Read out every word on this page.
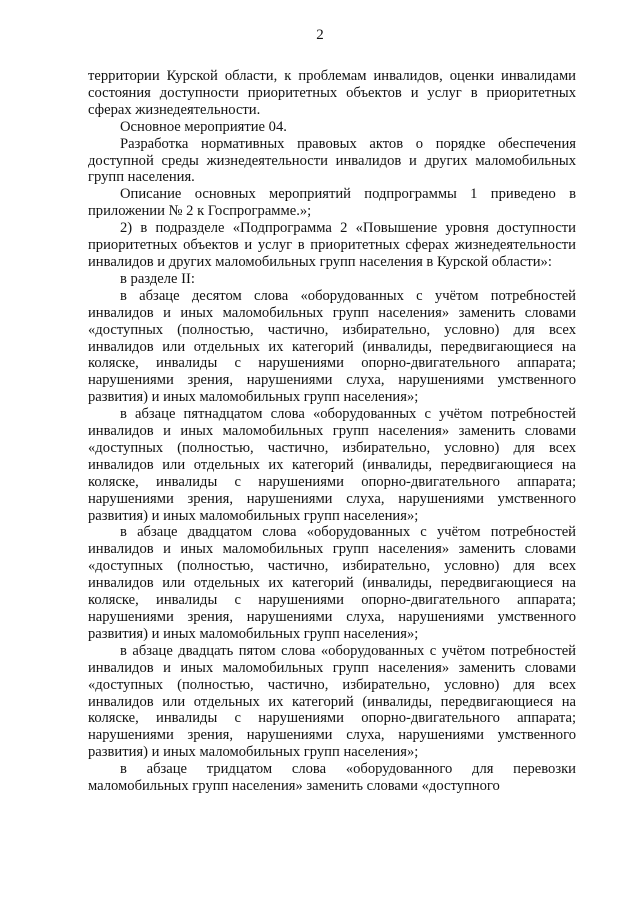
2

территории Курской области, к проблемам инвалидов, оценки инвалидами состояния доступности приоритетных объектов и услуг в приоритетных сферах жизнедеятельности.

Основное мероприятие 04.

Разработка нормативных правовых актов о порядке обеспечения доступной среды жизнедеятельности инвалидов и других маломобильных групп населения.

Описание основных мероприятий подпрограммы 1 приведено в приложении № 2 к Госпрограмме.»;

2) в подразделе «Подпрограмма 2 «Повышение уровня доступности приоритетных объектов и услуг в приоритетных сферах жизнедеятельности инвалидов и других маломобильных групп населения в Курской области»:

в разделе II:

в абзаце десятом слова «оборудованных с учётом потребностей инвалидов и иных маломобильных групп населения» заменить словами «доступных (полностью, частично, избирательно, условно) для всех инвалидов или отдельных их категорий (инвалиды, передвигающиеся на коляске, инвалиды с нарушениями опорно-двигательного аппарата; нарушениями зрения, нарушениями слуха, нарушениями умственного развития) и иных маломобильных групп населения»;

в абзаце пятнадцатом слова «оборудованных с учётом потребностей инвалидов и иных маломобильных групп населения» заменить словами «доступных (полностью, частично, избирательно, условно) для всех инвалидов или отдельных их категорий (инвалиды, передвигающиеся на коляске, инвалиды с нарушениями опорно-двигательного аппарата; нарушениями зрения, нарушениями слуха, нарушениями умственного развития) и иных маломобильных групп населения»;

в абзаце двадцатом слова «оборудованных с учётом потребностей инвалидов и иных маломобильных групп населения» заменить словами «доступных (полностью, частично, избирательно, условно) для всех инвалидов или отдельных их категорий (инвалиды, передвигающиеся на коляске, инвалиды с нарушениями опорно-двигательного аппарата; нарушениями зрения, нарушениями слуха, нарушениями умственного развития) и иных маломобильных групп населения»;

в абзаце двадцать пятом слова «оборудованных с учётом потребностей инвалидов и иных маломобильных групп населения» заменить словами «доступных (полностью, частично, избирательно, условно) для всех инвалидов или отдельных их категорий (инвалиды, передвигающиеся на коляске, инвалиды с нарушениями опорно-двигательного аппарата; нарушениями зрения, нарушениями слуха, нарушениями умственного развития) и иных маломобильных групп населения»;

в абзаце тридцатом слова «оборудованного для перевозки маломобильных групп населения» заменить словами «доступного
